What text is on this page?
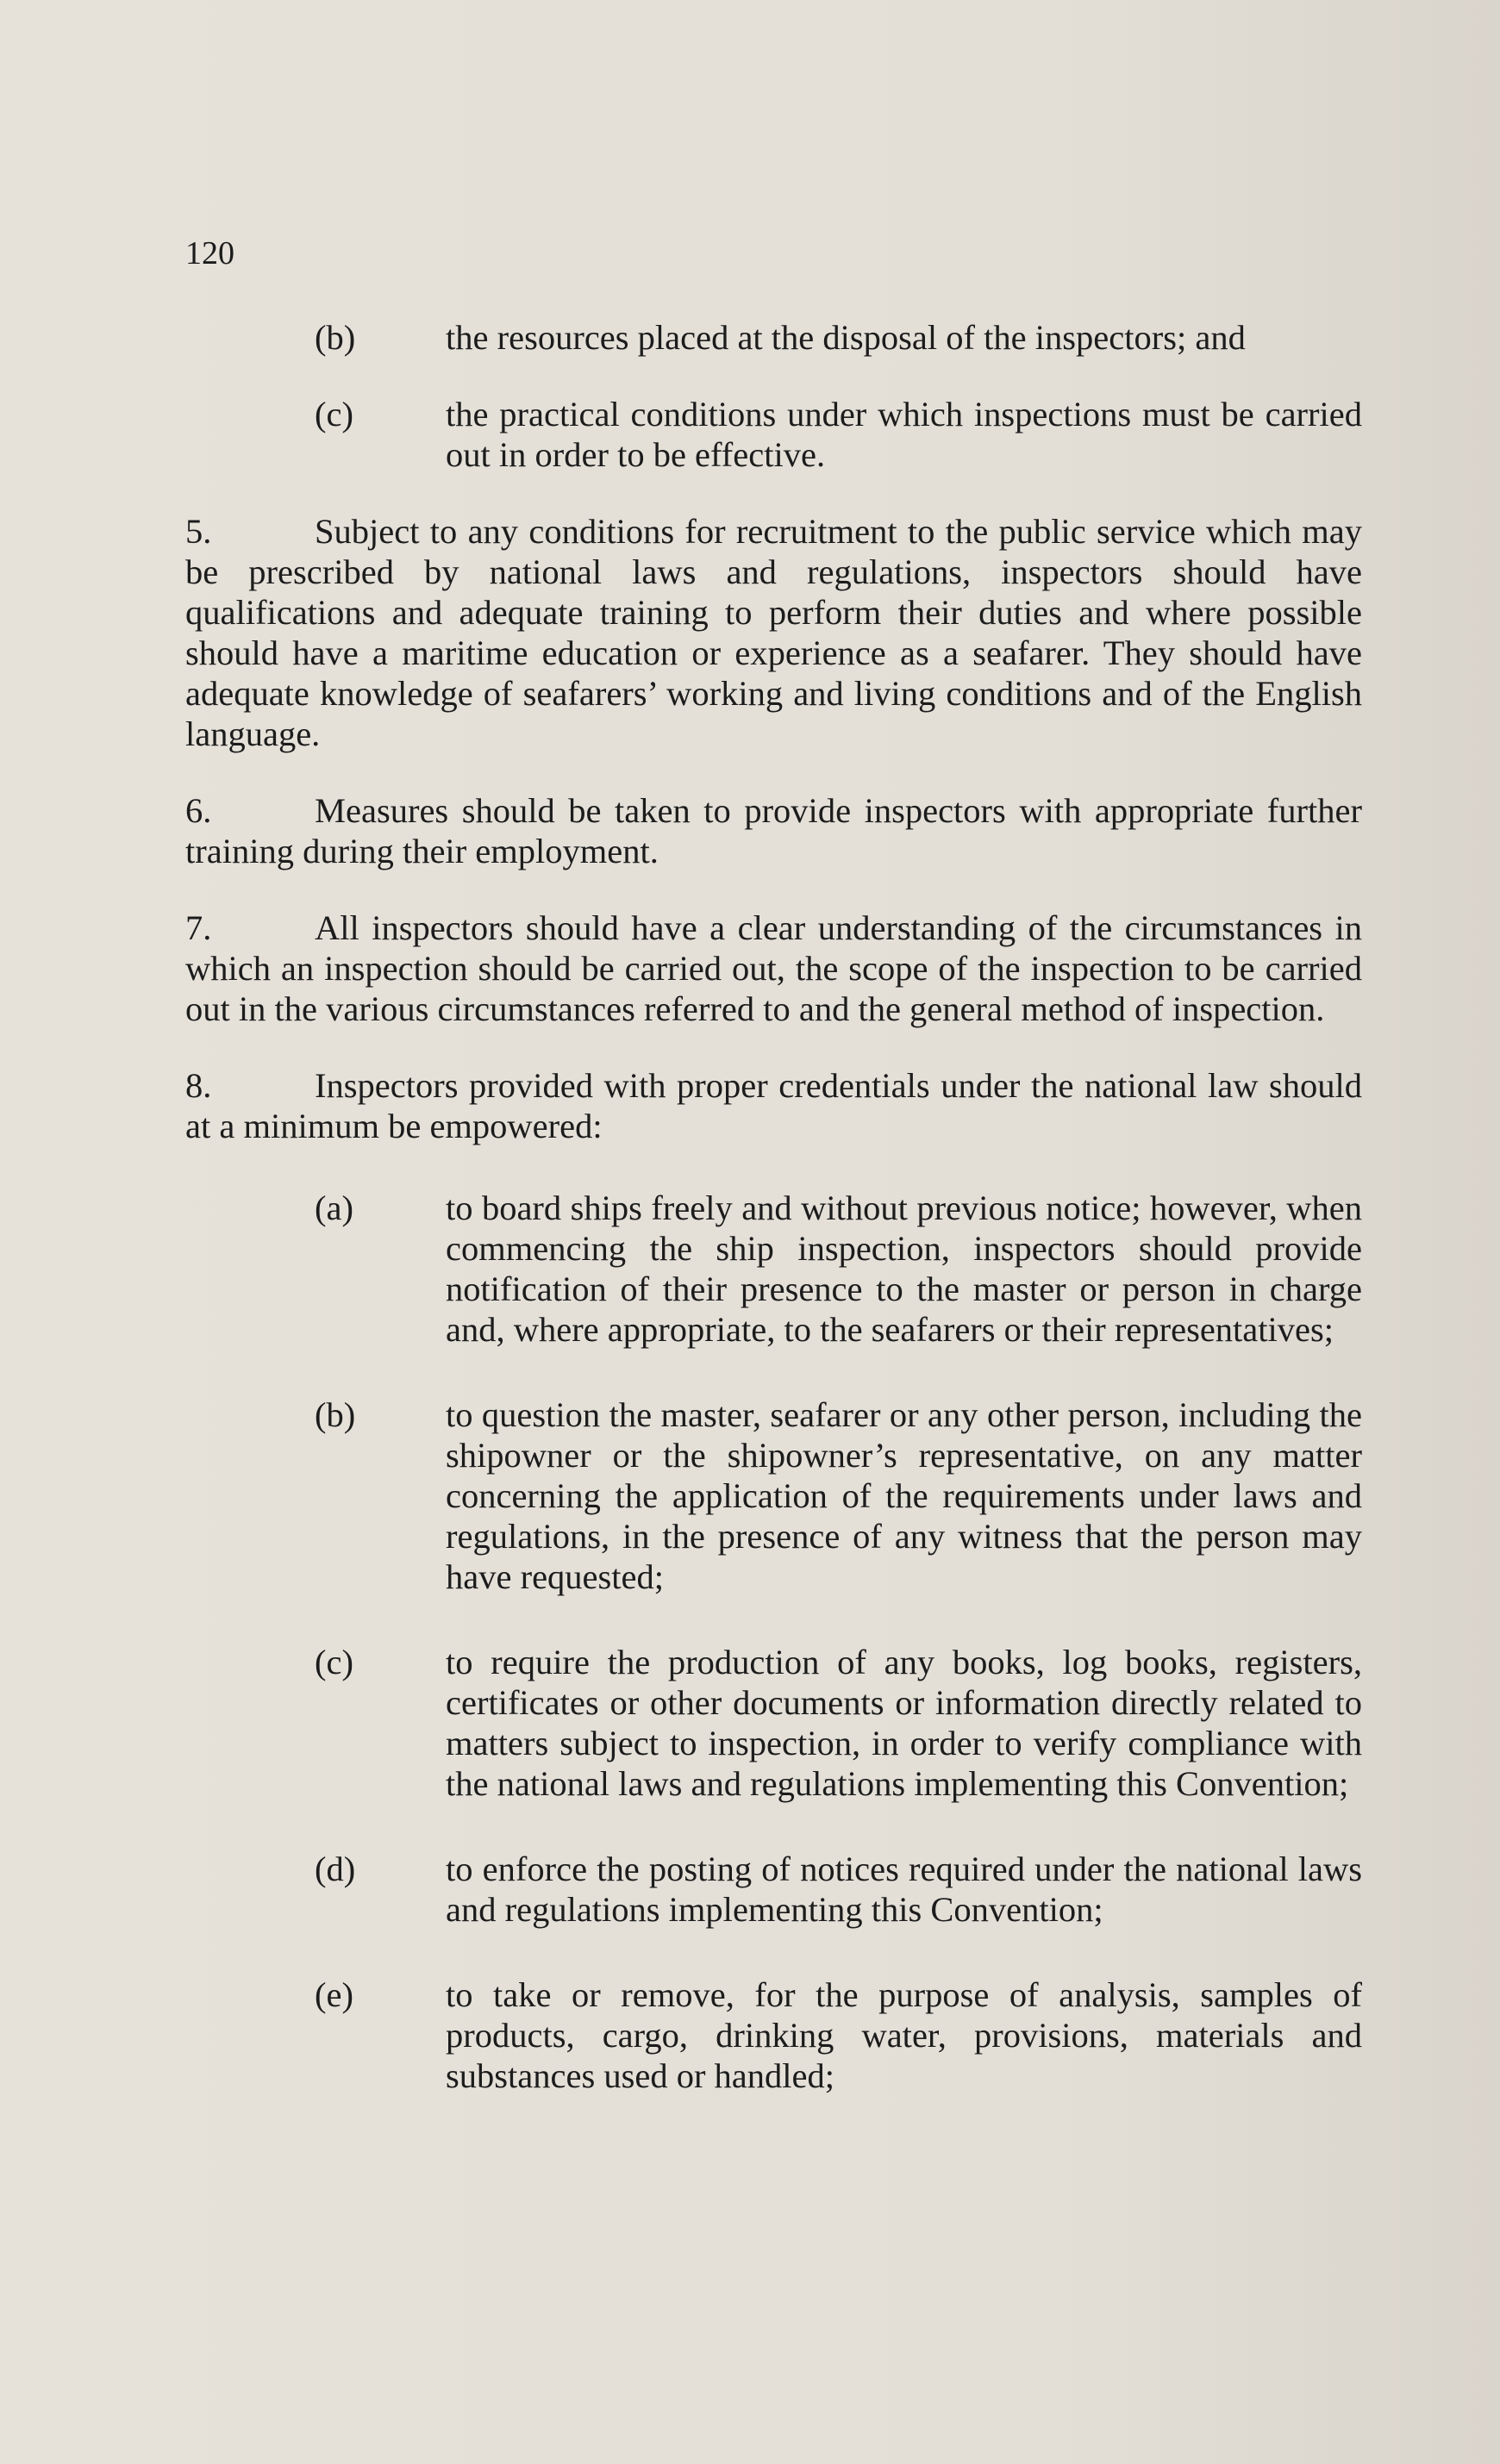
120
(b)	the resources placed at the disposal of the inspectors; and
(c)	the practical conditions under which inspections must be carried out in order to be effective.
5.	Subject to any conditions for recruitment to the public service which may be prescribed by national laws and regulations, inspectors should have qualifications and adequate training to perform their duties and where possible should have a maritime education or experience as a seafarer. They should have adequate knowledge of seafarers’ working and living conditions and of the English language.
6.	Measures should be taken to provide inspectors with appropriate further training during their employment.
7.	All inspectors should have a clear understanding of the circumstances in which an inspection should be carried out, the scope of the inspection to be carried out in the various circumstances referred to and the general method of inspection.
8.	Inspectors provided with proper credentials under the national law should at a minimum be empowered:
(a)	to board ships freely and without previous notice; however, when commencing the ship inspection, inspectors should provide notification of their presence to the master or person in charge and, where appropriate, to the seafarers or their representatives;
(b)	to question the master, seafarer or any other person, including the shipowner or the shipowner’s representative, on any matter concerning the application of the requirements under laws and regulations, in the presence of any witness that the person may have requested;
(c)	to require the production of any books, log books, registers, certificates or other documents or information directly related to matters subject to inspection, in order to verify compliance with the national laws and regulations implementing this Convention;
(d)	to enforce the posting of notices required under the national laws and regulations implementing this Convention;
(e)	to take or remove, for the purpose of analysis, samples of products, cargo, drinking water, provisions, materials and substances used or handled;
